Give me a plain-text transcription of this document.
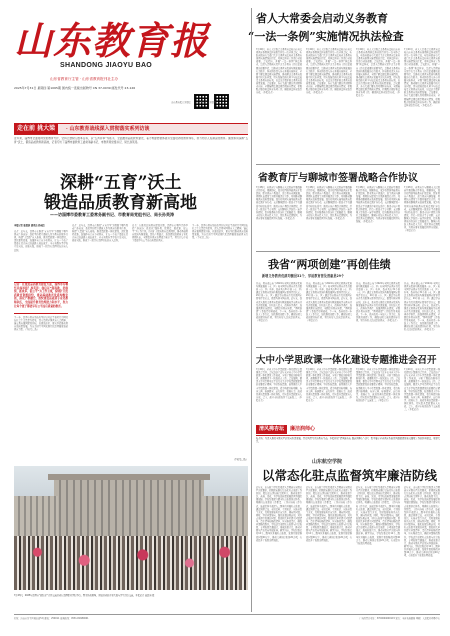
山东教育报
SHANDONG JIAOYU BAO
山东省教育厅主管 · 山东省教育报刊社主办
2025年7月31日 星期四 第1065期 国内统一连续出版物号 CN 37-0039 邮发代号 23-126
山东教育报官方微信	山东教育报官方微博
走在前 挑大梁	· 山东教育战线深入贯彻落实系列访谈
近年来，淄博市全面贯彻党的教育方针，坚持立德树人根本任务，以“五育并举”为抓手，全面推进品质教育建设，着力构建德智体美劳全面培养的教育体系，努力办好人民满意的教育。围绕如何深耕“五育”沃土，锻造品质教育新高地，记者专访了淄博市委教育工委常务副书记、市教育局党组书记、局长孙英涛。
深耕“五育”沃土
锻造品质教育新高地
——访淄博市委教育工委常务副书记、市教育局党组书记、局长孙英涛
本报记者 鹿晨迪 通讯员 孙成信
记者：近年来，淄博市在推进“五育并举”方面做了哪些探索？孙英涛：我们坚持把立德树人作为教育的根本任务，构建“大思政”育人格局，推进思政课一体化建设，深化课程改革，加强体育美育劳动教育，让每一个孩子都能在适合自己的道路上成长成才。全市各级各类学校立足实际，创新实践，形成了一批具有淄博特色的育人品牌。
记者：在推进品质教育建设方面，淄博市有哪些具体举措？孙英涛：我们以“强科教、优师资、抓改革、促公平”为工作主线，持续扩大优质教育资源供给，推动基础教育优质均衡发展，深化产教融合，加快建设高素质专业化教师队伍，全面提升教育治理能力和水平，努力让每个孩子都能享有公平而有质量的教育。
下一步，淄博市教育系统将坚持以习近平新时代中国特色社会主义思想为指导，深入贯彻全国教育大会精神，锚定教育强国建设目标，以更高站位、更实举措推动教育高质量发展，为奋力谱写中国式现代化淄博篇章贡献教育力量。（下转第二版）
记者：近年来，淄博市在推进“五育并举”方面做了哪些探索？孙英涛：我们坚持把立德树人作为教育的根本任务，构建“大思政”育人格局，推进思政课一体化建设，深化课程改革，加强体育美育劳动教育，让每一个孩子都能在适合自己的道路上成长成才。全市各级各类学校立足实际，创新实践，形成了一批具有淄博特色的育人品牌。
记者：在推进品质教育建设方面，淄博市有哪些具体举措？孙英涛：我们以“强科教、优师资、抓改革、促公平”为工作主线，持续扩大优质教育资源供给，推动基础教育优质均衡发展，深化产教融合，加快建设高素质专业化教师队伍，全面提升教育治理能力和水平，努力让每个孩子都能享有公平而有质量的教育。
下一步，淄博市教育系统将坚持以习近平新时代中国特色社会主义思想为指导，深入贯彻全国教育大会精神，锚定教育强国建设目标，以更高站位、更实举措推动教育高质量发展，为奋力谱写中国式现代化淄博篇章贡献教育力量。（下转第二版）
（下转第二版）
7月23日，2025年淄博市“政校企”合作交流活动在淄博职业学院举行。图为活动现场，参加活动的企业代表与学生进行交流。本报记者 鹿晨迪 摄
省人大常委会启动义务教育
“一法一条例”实施情况执法检查
7月29日，省人大常委会义务教育法和山东省义务教育条例执法检查组召开第一次全体会议，听取省政府有关部门关于义务教育法和省义务教育条例实施情况的汇报，对执法检查工作进行动员部署。会议指出，开展“一法一条例”执法检查，是深入贯彻落实党中央关于教育工作决策部署的重要举措，是推动义务教育优质均衡发展的有力抓手。检查组将深入各市开展实地检查，全面了解法律法规实施情况，推动解决义务教育发展中的突出问题，切实保障适龄儿童少年依法接受义务教育的权利，以法治力量护航义务教育高质量发展。会议要求，各有关部门要认真对照检查内容，全面梳理法律法规贯彻落实情况，积极配合做好执法检查各项工作，确保执法检查取得实效。（本报记者）
7月29日，省人大常委会义务教育法和山东省义务教育条例执法检查组召开第一次全体会议，听取省政府有关部门关于义务教育法和省义务教育条例实施情况的汇报，对执法检查工作进行动员部署。会议指出，开展“一法一条例”执法检查，是深入贯彻落实党中央关于教育工作决策部署的重要举措，是推动义务教育优质均衡发展的有力抓手。检查组将深入各市开展实地检查，全面了解法律法规实施情况，推动解决义务教育发展中的突出问题，切实保障适龄儿童少年依法接受义务教育的权利，以法治力量护航义务教育高质量发展。会议要求，各有关部门要认真对照检查内容，全面梳理法律法规贯彻落实情况，积极配合做好执法检查各项工作，确保执法检查取得实效。（本报记者）
7月29日，省人大常委会义务教育法和山东省义务教育条例执法检查组召开第一次全体会议，听取省政府有关部门关于义务教育法和省义务教育条例实施情况的汇报，对执法检查工作进行动员部署。会议指出，开展“一法一条例”执法检查，是深入贯彻落实党中央关于教育工作决策部署的重要举措，是推动义务教育优质均衡发展的有力抓手。检查组将深入各市开展实地检查，全面了解法律法规实施情况，推动解决义务教育发展中的突出问题，切实保障适龄儿童少年依法接受义务教育的权利，以法治力量护航义务教育高质量发展。会议要求，各有关部门要认真对照检查内容，全面梳理法律法规贯彻落实情况，积极配合做好执法检查各项工作，确保执法检查取得实效。（本报记者）
7月29日，省人大常委会义务教育法和山东省义务教育条例执法检查组召开第一次全体会议，听取省政府有关部门关于义务教育法和省义务教育条例实施情况的汇报，对执法检查工作进行动员部署。会议指出，开展“一法一条例”执法检查，是深入贯彻落实党中央关于教育工作决策部署的重要举措，是推动义务教育优质均衡发展的有力抓手。检查组将深入各市开展实地检查，全面了解法律法规实施情况，推动解决义务教育发展中的突出问题，切实保障适龄儿童少年依法接受义务教育的权利，以法治力量护航义务教育高质量发展。会议要求，各有关部门要认真对照检查内容，全面梳理法律法规贯彻落实情况，积极配合做好执法检查各项工作，确保执法检查取得实效。（本报记者）
省教育厅与聊城市签署战略合作协议
7月28日，省教育厅与聊城市人民政府签署战略合作协议。根据协议，双方将围绕基础教育扩优提质、职业教育产教融合、高等教育内涵发展、教师队伍建设等方面开展深度合作，共同推动聊城教育高质量发展。双方将共同实施基础教育优质资源扩容行动，支持聊城建设一批高水平普通高中和特色高中；推进市域产教联合体建设，打造一批高水平专业群；支持聊城大学加快一流学科建设，提升服务地方经济社会发展能力。聊城市将加大教育投入力度，优化教育资源配置，为教育事业发展提供坚实保障。（本报记者）
7月28日，省教育厅与聊城市人民政府签署战略合作协议。根据协议，双方将围绕基础教育扩优提质、职业教育产教融合、高等教育内涵发展、教师队伍建设等方面开展深度合作，共同推动聊城教育高质量发展。双方将共同实施基础教育优质资源扩容行动，支持聊城建设一批高水平普通高中和特色高中；推进市域产教联合体建设，打造一批高水平专业群；支持聊城大学加快一流学科建设，提升服务地方经济社会发展能力。聊城市将加大教育投入力度，优化教育资源配置，为教育事业发展提供坚实保障。（本报记者）
7月28日，省教育厅与聊城市人民政府签署战略合作协议。根据协议，双方将围绕基础教育扩优提质、职业教育产教融合、高等教育内涵发展、教师队伍建设等方面开展深度合作，共同推动聊城教育高质量发展。双方将共同实施基础教育优质资源扩容行动，支持聊城建设一批高水平普通高中和特色高中；推进市域产教联合体建设，打造一批高水平专业群；支持聊城大学加快一流学科建设，提升服务地方经济社会发展能力。聊城市将加大教育投入力度，优化教育资源配置，为教育事业发展提供坚实保障。（本报记者）
7月28日，省教育厅与聊城市人民政府签署战略合作协议。根据协议，双方将围绕基础教育扩优提质、职业教育产教融合、高等教育内涵发展、教师队伍建设等方面开展深度合作，共同推动聊城教育高质量发展。双方将共同实施基础教育优质资源扩容行动，支持聊城建设一批高水平普通高中和特色高中；推进市域产教联合体建设，打造一批高水平专业群；支持聊城大学加快一流学科建设，提升服务地方经济社会发展能力。聊城市将加大教育投入力度，优化教育资源配置，为教育事业发展提供坚实保障。（本报记者）
我省“两项创建”再创佳绩
新增义务教育优质均衡县31个，学前教育普及普惠县29个
日前，教育部公布了2024年全国义务教育优质均衡发展县（市、区）和全国学前教育普及普惠县（市、区）名单，我省共有31个县（市、区）通过义务教育优质均衡发展国家督导评估认定，29个县（市、区）通过学前教育普及普惠国家督导评估认定，数量均居全国前列。近年来，我省深入推进义务教育优质均衡发展和学前教育普及普惠发展，持续加大投入，改善办学条件，加强教师队伍建设，全面提升教育质量，“两项创建”工作取得显著成效。下一步，我省将进一步加大工作力度，加快推进创建工作，确保如期完成创建目标任务，努力办好人民满意的教育。（本报记者）
日前，教育部公布了2024年全国义务教育优质均衡发展县（市、区）和全国学前教育普及普惠县（市、区）名单，我省共有31个县（市、区）通过义务教育优质均衡发展国家督导评估认定，29个县（市、区）通过学前教育普及普惠国家督导评估认定，数量均居全国前列。近年来，我省深入推进义务教育优质均衡发展和学前教育普及普惠发展，持续加大投入，改善办学条件，加强教师队伍建设，全面提升教育质量，“两项创建”工作取得显著成效。下一步，我省将进一步加大工作力度，加快推进创建工作，确保如期完成创建目标任务，努力办好人民满意的教育。（本报记者）
日前，教育部公布了2024年全国义务教育优质均衡发展县（市、区）和全国学前教育普及普惠县（市、区）名单，我省共有31个县（市、区）通过义务教育优质均衡发展国家督导评估认定，29个县（市、区）通过学前教育普及普惠国家督导评估认定，数量均居全国前列。近年来，我省深入推进义务教育优质均衡发展和学前教育普及普惠发展，持续加大投入，改善办学条件，加强教师队伍建设，全面提升教育质量，“两项创建”工作取得显著成效。下一步，我省将进一步加大工作力度，加快推进创建工作，确保如期完成创建目标任务，努力办好人民满意的教育。（本报记者）
日前，教育部公布了2024年全国义务教育优质均衡发展县（市、区）和全国学前教育普及普惠县（市、区）名单，我省共有31个县（市、区）通过义务教育优质均衡发展国家督导评估认定，29个县（市、区）通过学前教育普及普惠国家督导评估认定，数量均居全国前列。近年来，我省深入推进义务教育优质均衡发展和学前教育普及普惠发展，持续加大投入，改善办学条件，加强教师队伍建设，全面提升教育质量，“两项创建”工作取得显著成效。下一步，我省将进一步加大工作力度，加快推进创建工作，确保如期完成创建目标任务，努力办好人民满意的教育。（本报记者）
大中小学思政课一体化建设专题推进会召开
7月29日，全省大中小学思政课一体化建设专题推进会召开。会议总结了近年来全省大中小学思政课一体化建设工作成效，分析了面临的形势任务，部署推进下一阶段重点工作。会议强调，要深入学习贯彻习近平总书记关于学校思政课建设的重要指示精神，坚持系统思维，统筹推进大中小学思政课一体化建设，着力构建目标明确、内容完善、标准健全、运行科学、保障有力、成效显著的思政课一体化体系，切实提升思政课育人实效。会上，部分市和高校作了交流发言。（本报记者）
7月29日，全省大中小学思政课一体化建设专题推进会召开。会议总结了近年来全省大中小学思政课一体化建设工作成效，分析了面临的形势任务，部署推进下一阶段重点工作。会议强调，要深入学习贯彻习近平总书记关于学校思政课建设的重要指示精神，坚持系统思维，统筹推进大中小学思政课一体化建设，着力构建目标明确、内容完善、标准健全、运行科学、保障有力、成效显著的思政课一体化体系，切实提升思政课育人实效。会上，部分市和高校作了交流发言。（本报记者）
7月29日，全省大中小学思政课一体化建设专题推进会召开。会议总结了近年来全省大中小学思政课一体化建设工作成效，分析了面临的形势任务，部署推进下一阶段重点工作。会议强调，要深入学习贯彻习近平总书记关于学校思政课建设的重要指示精神，坚持系统思维，统筹推进大中小学思政课一体化建设，着力构建目标明确、内容完善、标准健全、运行科学、保障有力、成效显著的思政课一体化体系，切实提升思政课育人实效。会上，部分市和高校作了交流发言。（本报记者）
7月29日，全省大中小学思政课一体化建设专题推进会召开。会议总结了近年来全省大中小学思政课一体化建设工作成效，分析了面临的形势任务，部署推进下一阶段重点工作。会议强调，要深入学习贯彻习近平总书记关于学校思政课建设的重要指示精神，坚持系统思维，统筹推进大中小学思政课一体化建设，着力构建目标明确、内容完善、标准健全、运行科学、保障有力、成效显著的思政课一体化体系，切实提升思政课育人实效。会上，部分市和高校作了交流发言。（本报记者）
清风拂杏坛	廉洁润师心
编者按：为深入推进全面从严治党向纵深发展，营造风清气正的教育生态，本报开设“清风拂杏坛 廉洁润师心”专栏，集中展示全省教育系统党风廉政建设和反腐败工作的经验做法，敬请关注。
山东航空学院
以常态化驻点监督筑牢廉洁防线
近年来，山东航空学院纪委深入贯彻落实全面从严治党要求，积极探索推行常态化驻点监督工作机制，聚焦重点领域和关键环节，推动监督下沉、落地、见效，为学校高质量发展提供坚强纪律保障。学校纪委建立健全驻点监督制度体系，明确驻点监督的工作职责、工作内容和工作方式，选派纪检干部深入二级单位开展驻点监督，通过列席会议、查阅资料、个别谈话、实地查看等方式，及时发现和纠正苗头性、倾向性问题。同时，坚持问题导向，强化监督结果运用，对驻点监督中发现的问题，督促相关单位建立问题清单、责任清单和整改清单，压实整改责任，确保问题整改到位。学校还注重把驻点监督与日常监督、专项监督贯通融合，形成监督合力，推动全面从严治党向基层延伸。截至目前，学校纪委已对12个二级单位开展驻点监督，发现并督促整改问题40余个，推动完善制度机制20余项，有效提升了监督治理效能。
近年来，山东航空学院纪委深入贯彻落实全面从严治党要求，积极探索推行常态化驻点监督工作机制，聚焦重点领域和关键环节，推动监督下沉、落地、见效，为学校高质量发展提供坚强纪律保障。学校纪委建立健全驻点监督制度体系，明确驻点监督的工作职责、工作内容和工作方式，选派纪检干部深入二级单位开展驻点监督，通过列席会议、查阅资料、个别谈话、实地查看等方式，及时发现和纠正苗头性、倾向性问题。同时，坚持问题导向，强化监督结果运用，对驻点监督中发现的问题，督促相关单位建立问题清单、责任清单和整改清单，压实整改责任，确保问题整改到位。学校还注重把驻点监督与日常监督、专项监督贯通融合，形成监督合力，推动全面从严治党向基层延伸。截至目前，学校纪委已对12个二级单位开展驻点监督，发现并督促整改问题40余个，推动完善制度机制20余项，有效提升了监督治理效能。
近年来，山东航空学院纪委深入贯彻落实全面从严治党要求，积极探索推行常态化驻点监督工作机制，聚焦重点领域和关键环节，推动监督下沉、落地、见效，为学校高质量发展提供坚强纪律保障。学校纪委建立健全驻点监督制度体系，明确驻点监督的工作职责、工作内容和工作方式，选派纪检干部深入二级单位开展驻点监督，通过列席会议、查阅资料、个别谈话、实地查看等方式，及时发现和纠正苗头性、倾向性问题。同时，坚持问题导向，强化监督结果运用，对驻点监督中发现的问题，督促相关单位建立问题清单、责任清单和整改清单，压实整改责任，确保问题整改到位。学校还注重把驻点监督与日常监督、专项监督贯通融合，形成监督合力，推动全面从严治党向基层延伸。截至目前，学校纪委已对12个二级单位开展驻点监督，发现并督促整改问题40余个，推动完善制度机制20余项，有效提升了监督治理效能。
近年来，山东航空学院纪委深入贯彻落实全面从严治党要求，积极探索推行常态化驻点监督工作机制，聚焦重点领域和关键环节，推动监督下沉、落地、见效，为学校高质量发展提供坚强纪律保障。学校纪委建立健全驻点监督制度体系，明确驻点监督的工作职责、工作内容和工作方式，选派纪检干部深入二级单位开展驻点监督，通过列席会议、查阅资料、个别谈话、实地查看等方式，及时发现和纠正苗头性、倾向性问题。同时，坚持问题导向，强化监督结果运用，对驻点监督中发现的问题，督促相关单位建立问题清单、责任清单和整改清单，压实整改责任，确保问题整改到位。学校还注重把驻点监督与日常监督、专项监督贯通融合，形成监督合力，推动全面从严治党向基层延伸。截至目前，学校纪委已对12个二级单位开展驻点监督，发现并督促整改问题40余个，推动完善制度机制20余项，有效提升了监督治理效能。
社址：济南市历下区佛山街5号 邮编：250011 新闻热线：0531-81680001	广告经营许可证：3700004000115 发行：全省各地邮局 印刷：大众报业印务中心
